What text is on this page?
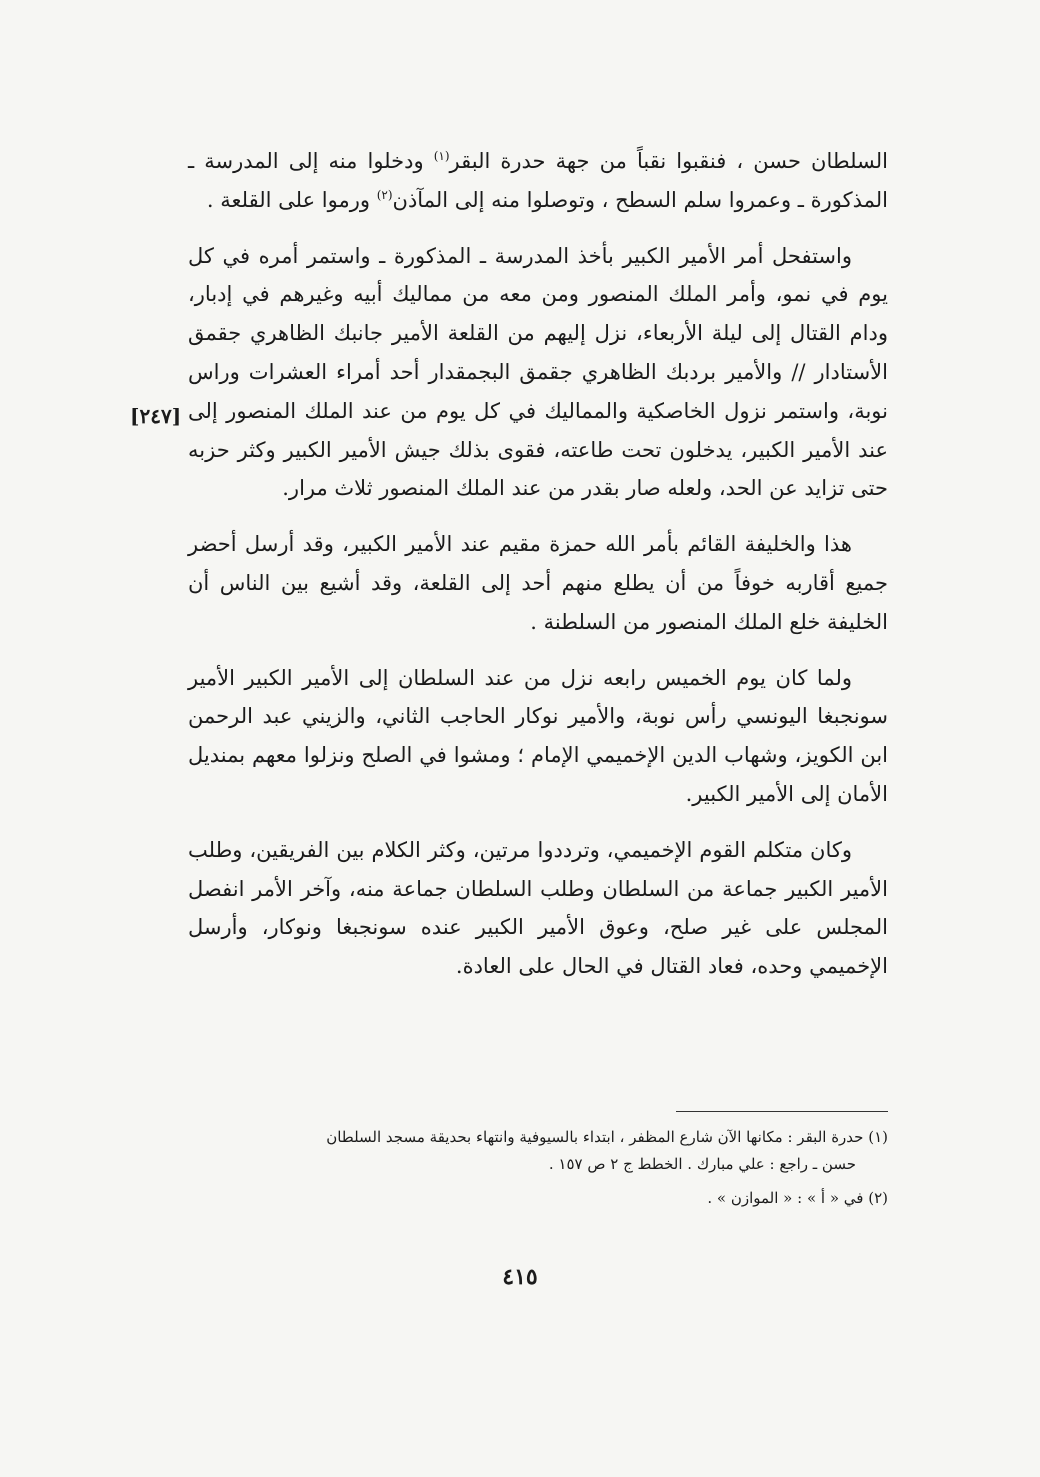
السلطان حسن ، فنقبوا نقباً من جهة حدرة البقر$^{(١)}$ ودخلوا منه إلى المدرسة ـ المذكورة ـ وعمروا سلم السطح ، وتوصلوا منه إلى المآذن$^{(٢)}$ ورموا على القلعة .

واستفحل أمر الأمير الكبير بأخذ المدرسة ـ المذكورة ـ واستمر أمره في كل يوم في نمو، وأمر الملك المنصور ومن معه من مماليك أبيه وغيرهم في إدبار، ودام القتال إلى ليلة الأربعاء، نزل إليهم من القلعة الأمير جانبك الظاهري جقمق الأستادار // والأمير بردبك الظاهري جقمق البجمقدار أحد أمراء العشرات وراس نوبة، واستمر نزول الخاصكية والمماليك في كل يوم من عند الملك المنصور إلى عند الأمير الكبير، يدخلون تحت طاعته، فقوى بذلك جيش الأمير الكبير وكثر حزبه حتى تزايد عن الحد، ولعله صار بقدر من عند الملك المنصور ثلاث مرار.

هذا والخليفة القائم بأمر الله حمزة مقيم عند الأمير الكبير، وقد أرسل أحضر جميع أقاربه خوفاً من أن يطلع منهم أحد إلى القلعة، وقد أشيع بين الناس أن الخليفة خلع الملك المنصور من السلطنة .

ولما كان يوم الخميس رابعه نزل من عند السلطان إلى الأمير الكبير الأمير سونجبغا اليونسي رأس نوبة، والأمير نوكار الحاجب الثاني، والزيني عبد الرحمن ابن الكويز، وشهاب الدين الإخميمي الإمام ؛ ومشوا في الصلح ونزلوا معهم بمنديل الأمان إلى الأمير الكبير.

وكان متكلم القوم الإخميمي، وترددوا مرتين، وكثر الكلام بين الفريقين، وطلب الأمير الكبير جماعة من السلطان وطلب السلطان جماعة منه، وآخر الأمر انفصل المجلس على غير صلح، وعوق الأمير الكبير عنده سونجبغا ونوكار، وأرسل الإخميمي وحده، فعاد القتال في الحال على العادة.

[٢٤٧]

(١) حدرة البقر : مكانها الآن شارع المظفر ، ابتداء بالسيوفية وانتهاء بحديقة مسجد السلطان
حسن ـ راجع : علي مبارك . الخطط ج ٢ ص ١٥٧ .

(٢) في « أ » : « الموازن » .

٤١٥
